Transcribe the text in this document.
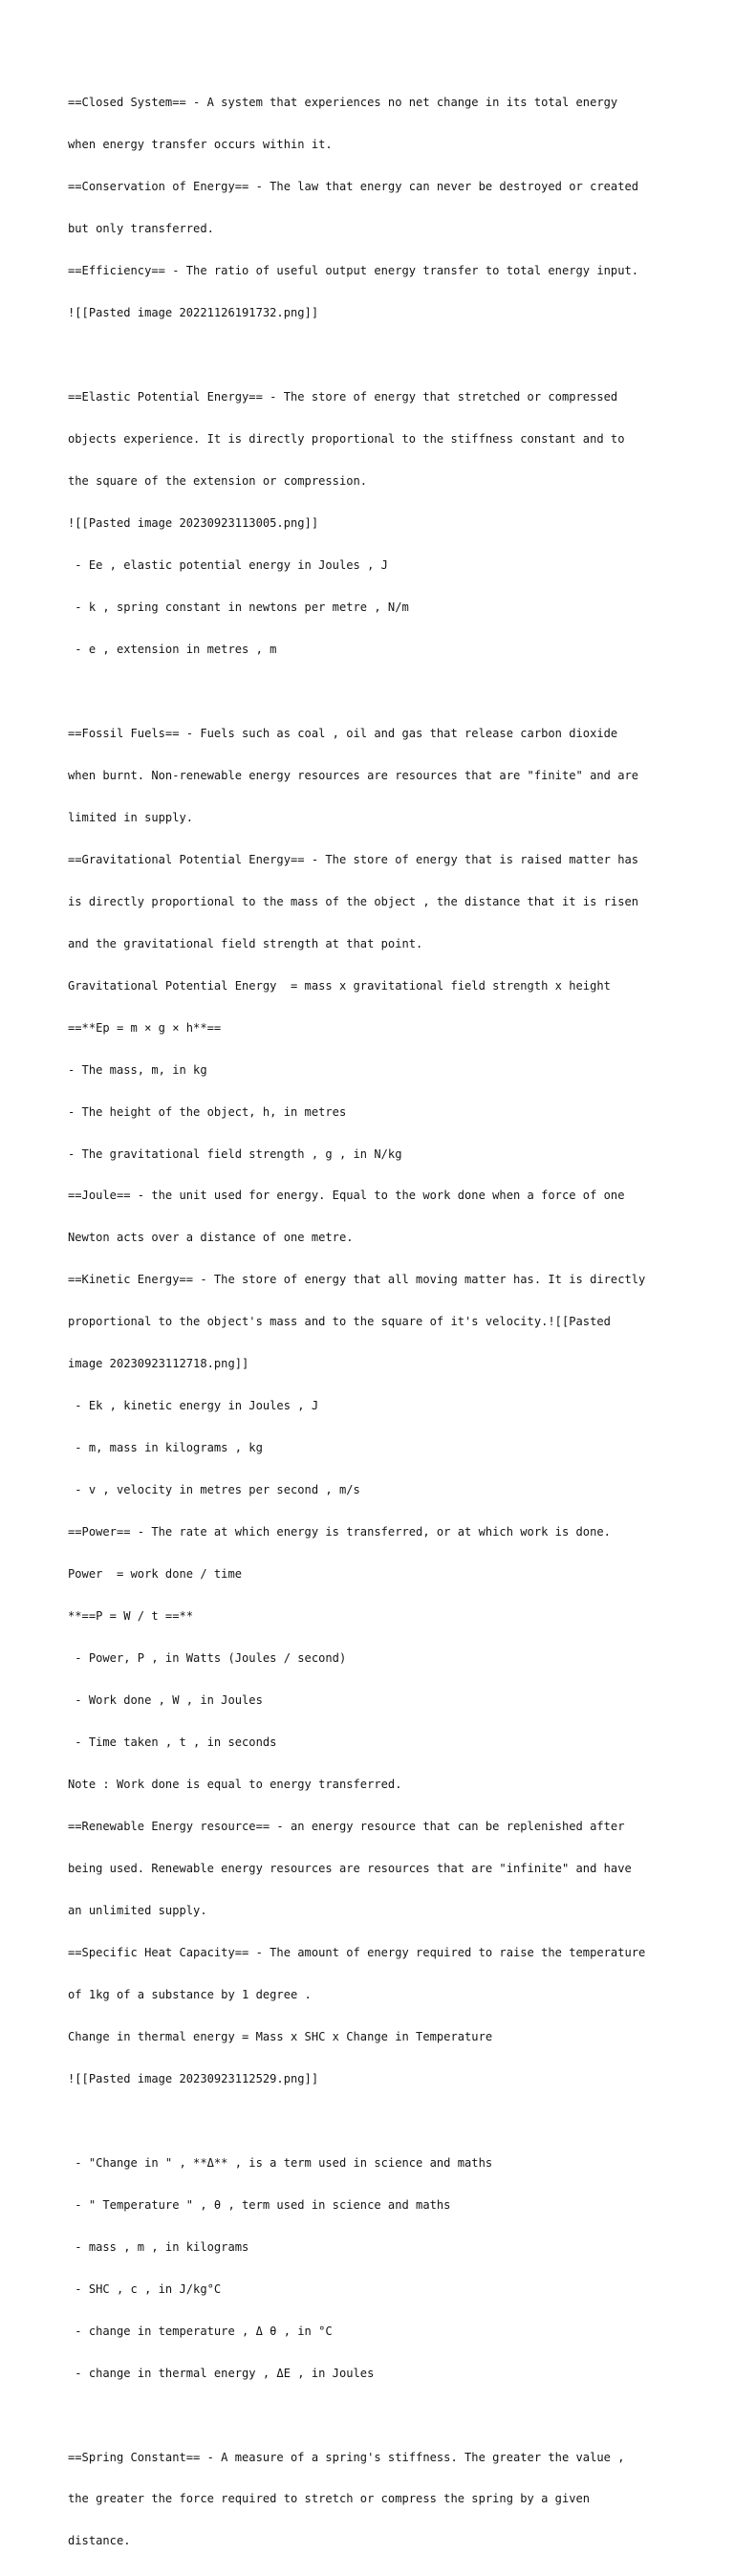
==Closed System== - A system that experiences no net change in its total energy

when energy transfer occurs within it.

==Conservation of Energy== - The law that energy can never be destroyed or created

but only transferred.

==Efficiency== - The ratio of useful output energy transfer to total energy input.

![[Pasted image 20221126191732.png]]

==Elastic Potential Energy== - The store of energy that stretched or compressed

objects experience. It is directly proportional to the stiffness constant and to

the square of the extension or compression.

![[Pasted image 20230923113005.png]]

- Ee , elastic potential energy in Joules , J

- k , spring constant in newtons per metre , N/m

- e , extension in metres , m

==Fossil Fuels== - Fuels such as coal , oil and gas that release carbon dioxide

when burnt. Non-renewable energy resources are resources that are "finite" and are

limited in supply.

==Gravitational Potential Energy== - The store of energy that is raised matter has

is directly proportional to the mass of the object , the distance that it is risen

and the gravitational field strength at that point.

Gravitational Potential Energy  = mass x gravitational field strength x height

==**Ep = m × g × h**==

- The mass, m, in kg

- The height of the object, h, in metres

- The gravitational field strength , g , in N/kg

==Joule== - the unit used for energy. Equal to the work done when a force of one

Newton acts over a distance of one metre.

==Kinetic Energy== - The store of energy that all moving matter has. It is directly

proportional to the object's mass and to the square of it's velocity.![[Pasted

image 20230923112718.png]]

- Ek , kinetic energy in Joules , J

- m, mass in kilograms , kg

- v , velocity in metres per second , m/s

==Power== - The rate at which energy is transferred, or at which work is done.

Power  = work done / time

**==P = W / t ==**

- Power, P , in Watts (Joules / second)

- Work done , W , in Joules

- Time taken , t , in seconds

Note : Work done is equal to energy transferred.

==Renewable Energy resource== - an energy resource that can be replenished after

being used. Renewable energy resources are resources that are "infinite" and have

an unlimited supply.

==Specific Heat Capacity== - The amount of energy required to raise the temperature

of 1kg of a substance by 1 degree .

Change in thermal energy = Mass x SHC x Change in Temperature

![[Pasted image 20230923112529.png]]

- "Change in " , **Δ** , is a term used in science and maths

- " Temperature " , θ , term used in science and maths

- mass , m , in kilograms

- SHC , c , in J/kg°C

- change in temperature , Δ θ , in °C

- change in thermal energy , ΔE , in Joules

==Spring Constant== - A measure of a spring's stiffness. The greater the value ,

the greater the force required to stretch or compress the spring by a given

distance.
